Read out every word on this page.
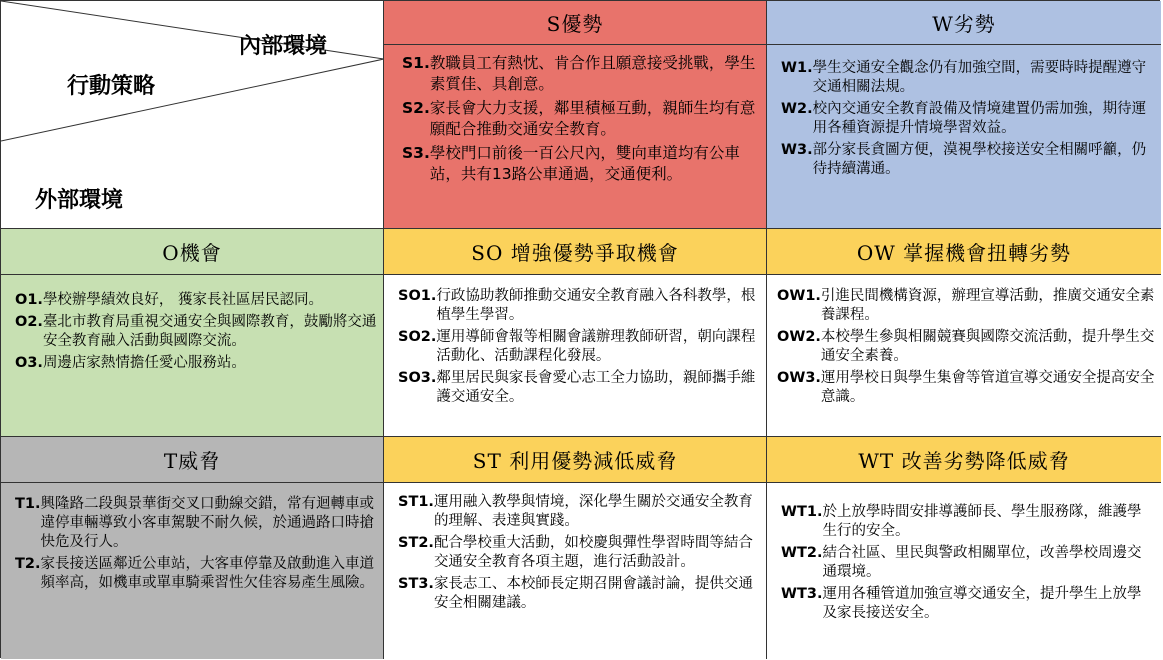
內部環境
行動策略
外部環境
S優勢	W劣勢
S1. 教職員工有熱忱、肯合作且願意接受挑戰，學生素質佳、具創意。
S2. 家長會大力支援，鄰里積極互動，親師生均有意願配合推動交通安全教育。
S3. 學校門口前後一百公尺內，雙向車道均有公車站，共有13路公車通過，交通便利。
W1. 學生交通安全觀念仍有加強空間，需要時時提醒遵守交通相關法規。
W2. 校內交通安全教育設備及情境建置仍需加強，期待運用各種資源提升情境學習效益。
W3. 部分家長貪圖方便，漠視學校接送安全相關呼籲，仍待持續溝通。
O機會	SO 增強優勢爭取機會	OW 掌握機會扭轉劣勢
O1. 學校辦學績效良好， 獲家長社區居民認同。
O2. 臺北市教育局重視交通安全與國際教育，鼓勵將交通安全教育融入活動與國際交流。
O3. 周邊店家熱情擔任愛心服務站。
SO1. 行政協助教師推動交通安全教育融入各科教學，根植學生學習。
SO2. 運用導師會報等相關會議辦理教師研習，朝向課程活動化、活動課程化發展。
SO3. 鄰里居民與家長會愛心志工全力協助，親師攜手維護交通安全。
OW1. 引進民間機構資源，辦理宣導活動，推廣交通安全素養課程。
OW2. 本校學生參與相關競賽與國際交流活動，提升學生交通安全素養。
OW3. 運用學校日與學生集會等管道宣導交通安全提高安全意識。
T威脅	ST 利用優勢減低威脅	WT 改善劣勢降低威脅
T1. 興隆路二段與景華街交叉口動線交錯，常有迴轉車或違停車輛導致小客車駕駛不耐久候，於通過路口時搶快危及行人。
T2. 家長接送區鄰近公車站，大客車停靠及啟動進入車道頻率高，如機車或單車騎乘習性欠佳容易產生風險。
ST1. 運用融入教學與情境，深化學生關於交通安全教育的理解、表達與實踐。
ST2. 配合學校重大活動，如校慶與彈性學習時間等結合交通安全教育各項主題，進行活動設計。
ST3. 家長志工、本校師長定期召開會議討論，提供交通安全相關建議。
WT1. 於上放學時間安排導護師長、學生服務隊，維護學生行的安全。
WT2. 結合社區、里民與警政相關單位，改善學校周邊交通環境。
WT3. 運用各種管道加強宣導交通安全，提升學生上放學及家長接送安全。
